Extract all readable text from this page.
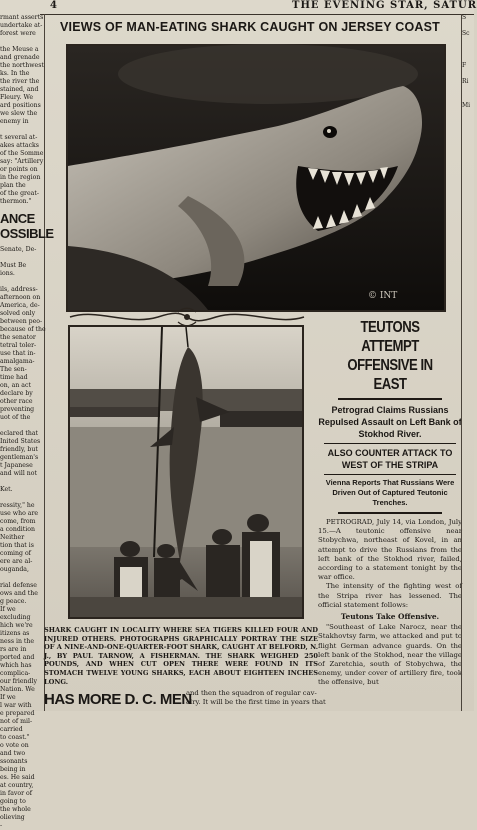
4	THE EVENING STAR, SATUR
rmant asserts
undertake at-
forest were

the Meuse a
and grenade
the northwest
ks. In the
the river the
stained, and
Fleury. We
ard positions
we slew the
enemy in

t several at-
akes attacks
of the Somme
say: "Artillery
or points on
in the region
plan the
of the great-
thermon."
ANCE
OSSIBLE
Senate, De-

Must Be
ions.

ils, address-
afternoon on
America, de-
solved only
between peo-
because of the
the senator
tetral toler-
use that in-
amalgama-
The sen-
time had
on, an act
declare by
other race
preventing
uot of the

eclared that
Inited States
friendly, but
gentleman's
t Japanese
and will not

Ket.

ressity," he
use who are
come, from
a condition
Neither
tion that is
coming of
ere are al-
ouganda,

rial defense
ows and the
g peace.
If we
excluding
hich we're
itizens as
ness in the
rs are in
ported and
which has
complica-
our friendly
Nation. We
If we
l war with
e prepared
not of mil-
carried
to coast."
o vote on
and two
ssonants
being in
es. He said
at country,
in favor of
going to
the whole
olieving
-
VIEWS OF MAN-EATING SHARK CAUGHT ON JERSEY COAST
© INT
SHARK CAUGHT IN LOCALITY WHERE SEA TIGERS KILLED FOUR AND INJURED OTHERS. PHOTOGRAPHS GRAPHICALLY PORTRAY THE SIZE OF A NINE-AND-ONE-QUARTER-FOOT SHARK, CAUGHT AT BELFORD, N. J., BY PAUL TARNOW, A FISHERMAN. THE SHARK WEIGHED 250 POUNDS, AND WHEN CUT OPEN THERE WERE FOUND IN ITS STOMACH TWELVE YOUNG SHARKS, EACH ABOUT EIGHTEEN INCHES LONG.
TEUTONS ATTEMPT OFFENSIVE IN EAST
Petrograd Claims Russians Repulsed Assault on Left Bank of Stokhod River.
ALSO COUNTER ATTACK TO WEST OF THE STRIPA
Vienna Reports That Russians Were Driven Out of Captured Teutonic Trenches.

PETROGRAD, July 14, via London, July 15.—A teutonic offensive near Stobychwa, northeast of Kovel, in an attempt to drive the Russians from the left bank of the Stokhod river, failed, according to a statement tonight by the war office.

The intensity of the fighting west of the Stripa river has lessened. The official statement follows:

Teutons Take Offensive.

"Southeast of Lake Narocz, near the Stakhovtsy farm, we attacked and put to flight German advance guards. On the left bank of the Stokhod, near the village of Zaretchia, south of Stobychwa, the enemy, under cover of artillery fire, took the offensive, but

HAS MORE D. C. MEN
and then the squadron of regular cav-
alry. It will be the first time in years that
S

Sc

F

Ri

Mi
